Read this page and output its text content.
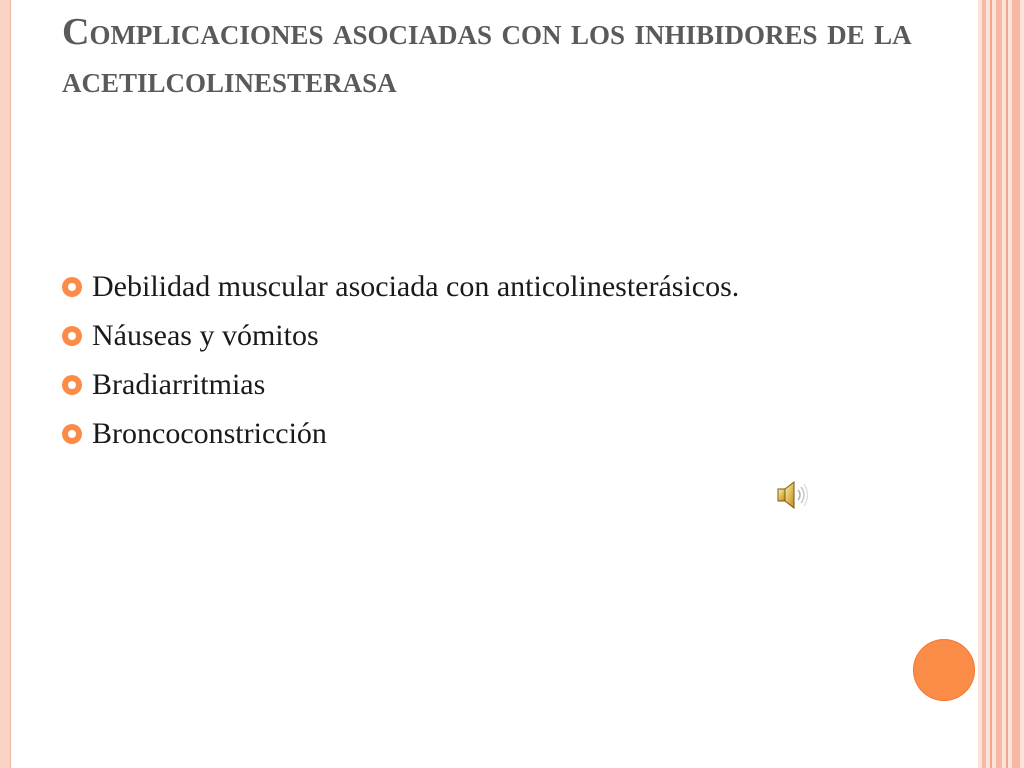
Complicaciones asociadas con los inhibidores de la acetilcolinesterasa
Debilidad muscular asociada con anticolinesterásicos.
Náuseas y vómitos
Bradiarritmias
Broncoconstricción
